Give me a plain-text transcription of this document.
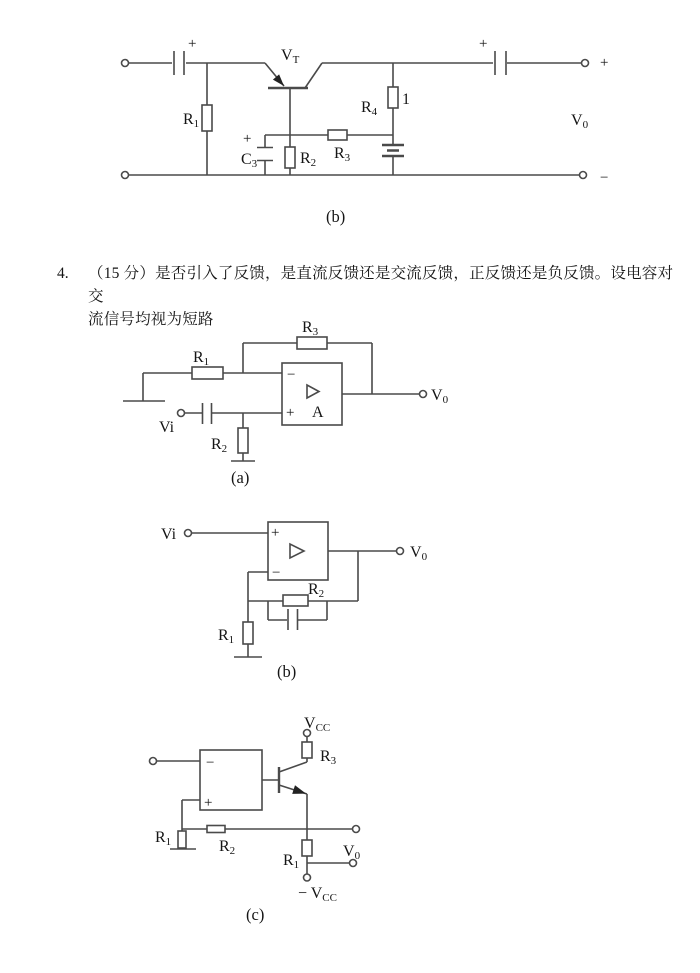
4.	（15 分）是否引入了反馈，是直流反馈还是交流反馈，正反馈还是负反馈。设电容对交
流信号均视为短路
+	+
VT
R1
R2
+
C3
R3
R4
1
V0
+
−
(b)
R1
R3
−
+ A
Vi
V0
R2
(a)
Vi	+
−
V0
R2
R1
(b)
−
+
VCC
R3
R1	R2
R1
V0
− VCC
(c)
